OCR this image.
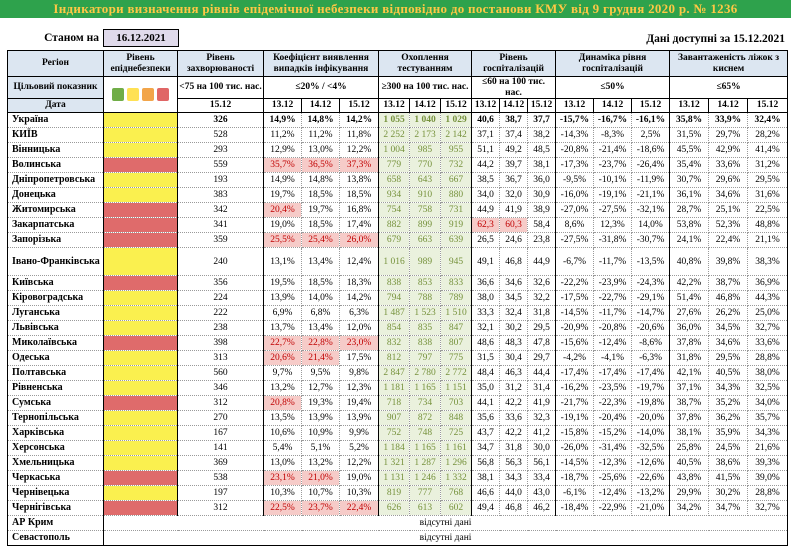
Індикатори визначення рівнів епідемічної небезпеки відповідно до постанови КМУ від 9 грудня 2020 р. № 1236
Станом на	16.12.2021	Дані доступні за 15.12.2021
Регіон	Рівень епіднебезпеки	Рівень захворюваності	Коефіцієнт виявлення випадків інфікування			Охоплення тестуванням			Рівень госпіталізацій			Динаміка рівня госпіталізацій			Завантаженість ліжок з киснем		
Цільовий показник		<75 на 100 тис. нас.	≤20% / <4%			≥300 на 100 тис. нас.			≤60 на 100 тис. нас.			≤50%			≤65%		
Дата		15.12	13.12	14.12	15.12	13.12	14.12	15.12	13.12	14.12	15.12	13.12	14.12	15.12	13.12	14.12	15.12
Україна		326	14,9%	14,8%	14,2%	1 055	1 040	1 029	40,6	38,7	37,7	-15,7%	-16,7%	-16,1%	35,8%	33,9%	32,4%
КИЇВ		528	11,2%	11,2%	11,8%	2 252	2 173	2 142	37,1	37,4	38,2	-14,3%	-8,3%	2,5%	31,5%	29,7%	28,2%
Вінницька		293	12,9%	13,0%	12,2%	1 004	985	955	51,1	49,2	48,5	-20,8%	-21,4%	-18,6%	45,5%	42,9%	41,4%
Волинська		559	35,7%	36,5%	37,3%	779	770	732	44,2	39,7	38,1	-17,3%	-23,7%	-26,4%	35,4%	33,6%	31,2%
Дніпропетровська		193	14,9%	14,8%	13,8%	658	643	667	38,5	36,7	36,0	-9,5%	-10,1%	-11,9%	30,7%	29,6%	29,5%
Донецька		383	19,7%	18,5%	18,5%	934	910	880	34,0	32,0	30,9	-16,0%	-19,1%	-21,1%	36,1%	34,6%	31,6%
Житомирська		342	20,4%	19,7%	16,8%	754	758	731	44,9	41,9	38,9	-27,0%	-27,5%	-32,1%	28,7%	25,1%	22,5%
Закарпатська		341	19,0%	18,5%	17,4%	882	899	919	62,3	60,3	58,4	8,6%	12,3%	14,0%	53,8%	52,3%	48,8%
Запорізька		359	25,5%	25,4%	26,0%	679	663	639	26,5	24,6	23,8	-27,5%	-31,8%	-30,7%	24,1%	22,4%	21,1%
Івано-Франківська		240	13,1%	13,4%	12,4%	1 016	989	945	49,1	46,8	44,9	-6,7%	-11,7%	-13,5%	40,8%	39,8%	38,3%
Київська		356	19,5%	18,5%	18,3%	838	853	833	36,6	34,6	32,6	-22,2%	-23,9%	-24,3%	42,2%	38,7%	36,9%
Кіровоградська		224	13,9%	14,0%	14,2%	794	788	789	38,0	34,5	32,2	-17,5%	-22,7%	-29,1%	51,4%	46,8%	44,3%
Луганська		222	6,9%	6,8%	6,3%	1 487	1 523	1 510	33,3	32,4	31,8	-14,5%	-11,7%	-14,7%	27,6%	26,2%	25,0%
Львівська		238	13,7%	13,4%	12,0%	854	835	847	32,1	30,2	29,5	-20,9%	-20,8%	-20,6%	36,0%	34,5%	32,7%
Миколаївська		398	22,7%	22,8%	23,0%	832	838	807	48,6	48,3	47,8	-15,6%	-12,4%	-8,6%	37,8%	34,6%	33,6%
Одеська		313	20,6%	21,4%	17,5%	812	797	775	31,5	30,4	29,7	-4,2%	-4,1%	-6,3%	31,8%	29,5%	28,8%
Полтавська		560	9,7%	9,5%	9,8%	2 847	2 780	2 772	48,4	46,3	44,4	-17,4%	-17,4%	-17,4%	42,1%	40,5%	38,0%
Рівненська		346	13,2%	12,7%	12,3%	1 181	1 165	1 151	35,0	31,2	31,4	-16,2%	-23,5%	-19,7%	37,1%	34,3%	32,5%
Сумська		312	20,8%	19,3%	19,4%	718	734	703	44,1	42,2	41,9	-21,7%	-22,3%	-19,8%	38,7%	35,2%	34,0%
Тернопільська		270	13,5%	13,9%	13,9%	907	872	848	35,6	33,6	32,3	-19,1%	-20,4%	-20,0%	37,8%	36,2%	35,7%
Харківська		167	10,6%	10,9%	9,9%	752	748	725	43,7	42,2	41,2	-15,8%	-15,2%	-14,0%	38,1%	35,9%	34,3%
Херсонська		141	5,4%	5,1%	5,2%	1 184	1 165	1 161	34,7	31,8	30,0	-26,0%	-31,4%	-32,5%	25,8%	24,5%	21,6%
Хмельницька		369	13,0%	13,2%	12,2%	1 321	1 287	1 296	56,8	56,3	56,1	-14,5%	-12,3%	-12,6%	40,5%	38,6%	39,3%
Черкаська		538	23,1%	21,0%	19,0%	1 131	1 246	1 332	38,1	34,3	33,4	-18,7%	-25,6%	-22,6%	43,8%	41,5%	39,0%
Чернівецька		197	10,3%	10,7%	10,3%	819	777	768	46,6	44,0	43,0	-6,1%	-12,4%	-13,2%	29,9%	30,2%	28,8%
Чернігівська		312	22,5%	23,7%	22,4%	626	613	602	49,4	46,8	46,2	-18,4%	-22,9%	-21,0%	34,2%	34,7%	32,7%
АР Крим	відсутні дані																
Севастополь	відсутні дані																
